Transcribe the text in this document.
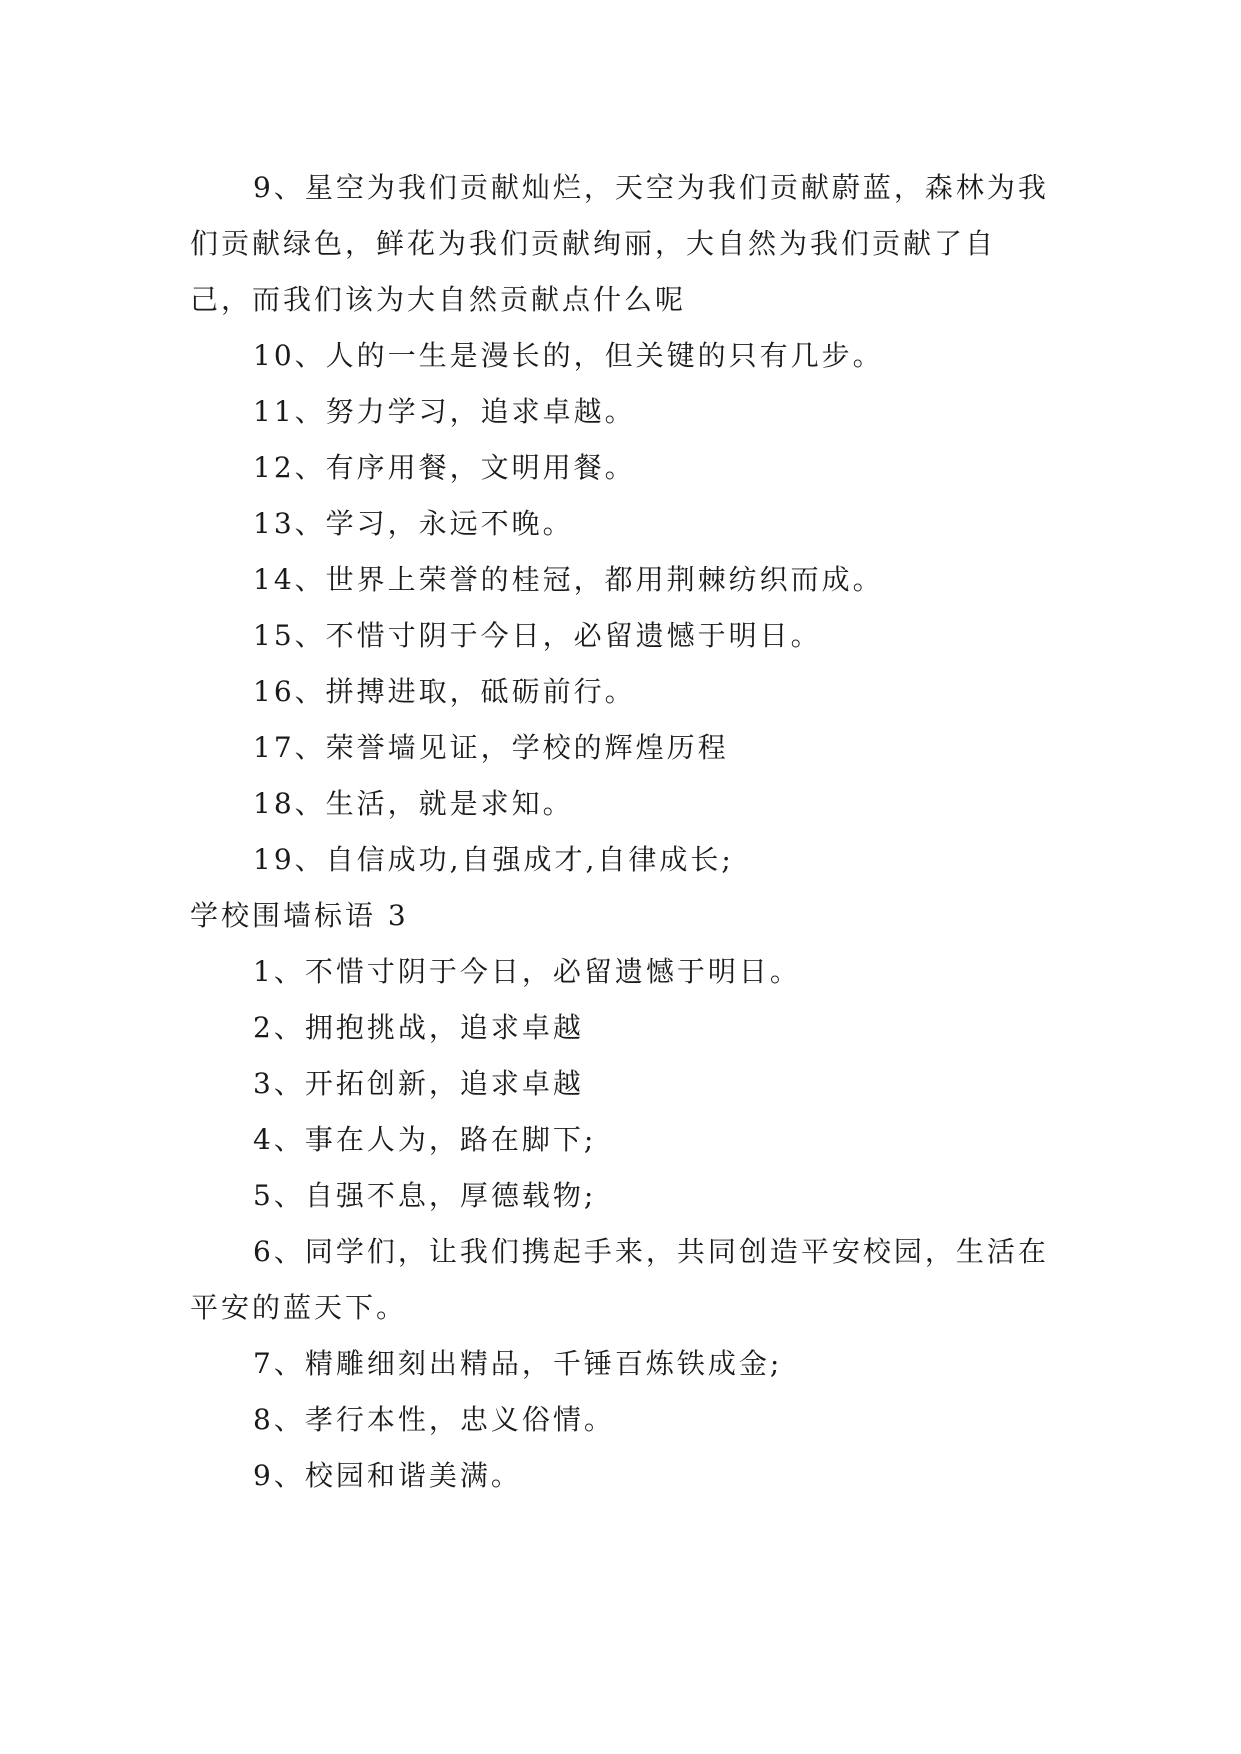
9、星空为我们贡献灿烂，天空为我们贡献蔚蓝，森林为我们贡献绿色，鲜花为我们贡献绚丽，大自然为我们贡献了自己，而我们该为大自然贡献点什么呢

10、人的一生是漫长的，但关键的只有几步。

11、努力学习，追求卓越。

12、有序用餐，文明用餐。

13、学习，永远不晚。

14、世界上荣誉的桂冠，都用荆棘纺织而成。

15、不惜寸阴于今日，必留遗憾于明日。

16、拼搏进取，砥砺前行。

17、荣誉墙见证，学校的辉煌历程

18、生活，就是求知。

19、自信成功,自强成才,自律成长;

学校围墙标语 3

1、不惜寸阴于今日，必留遗憾于明日。

2、拥抱挑战，追求卓越

3、开拓创新，追求卓越

4、事在人为，路在脚下;

5、自强不息，厚德载物;

6、同学们，让我们携起手来，共同创造平安校园，生活在平安的蓝天下。

7、精雕细刻出精品，千锤百炼铁成金;

8、孝行本性，忠义俗情。

9、校园和谐美满。
